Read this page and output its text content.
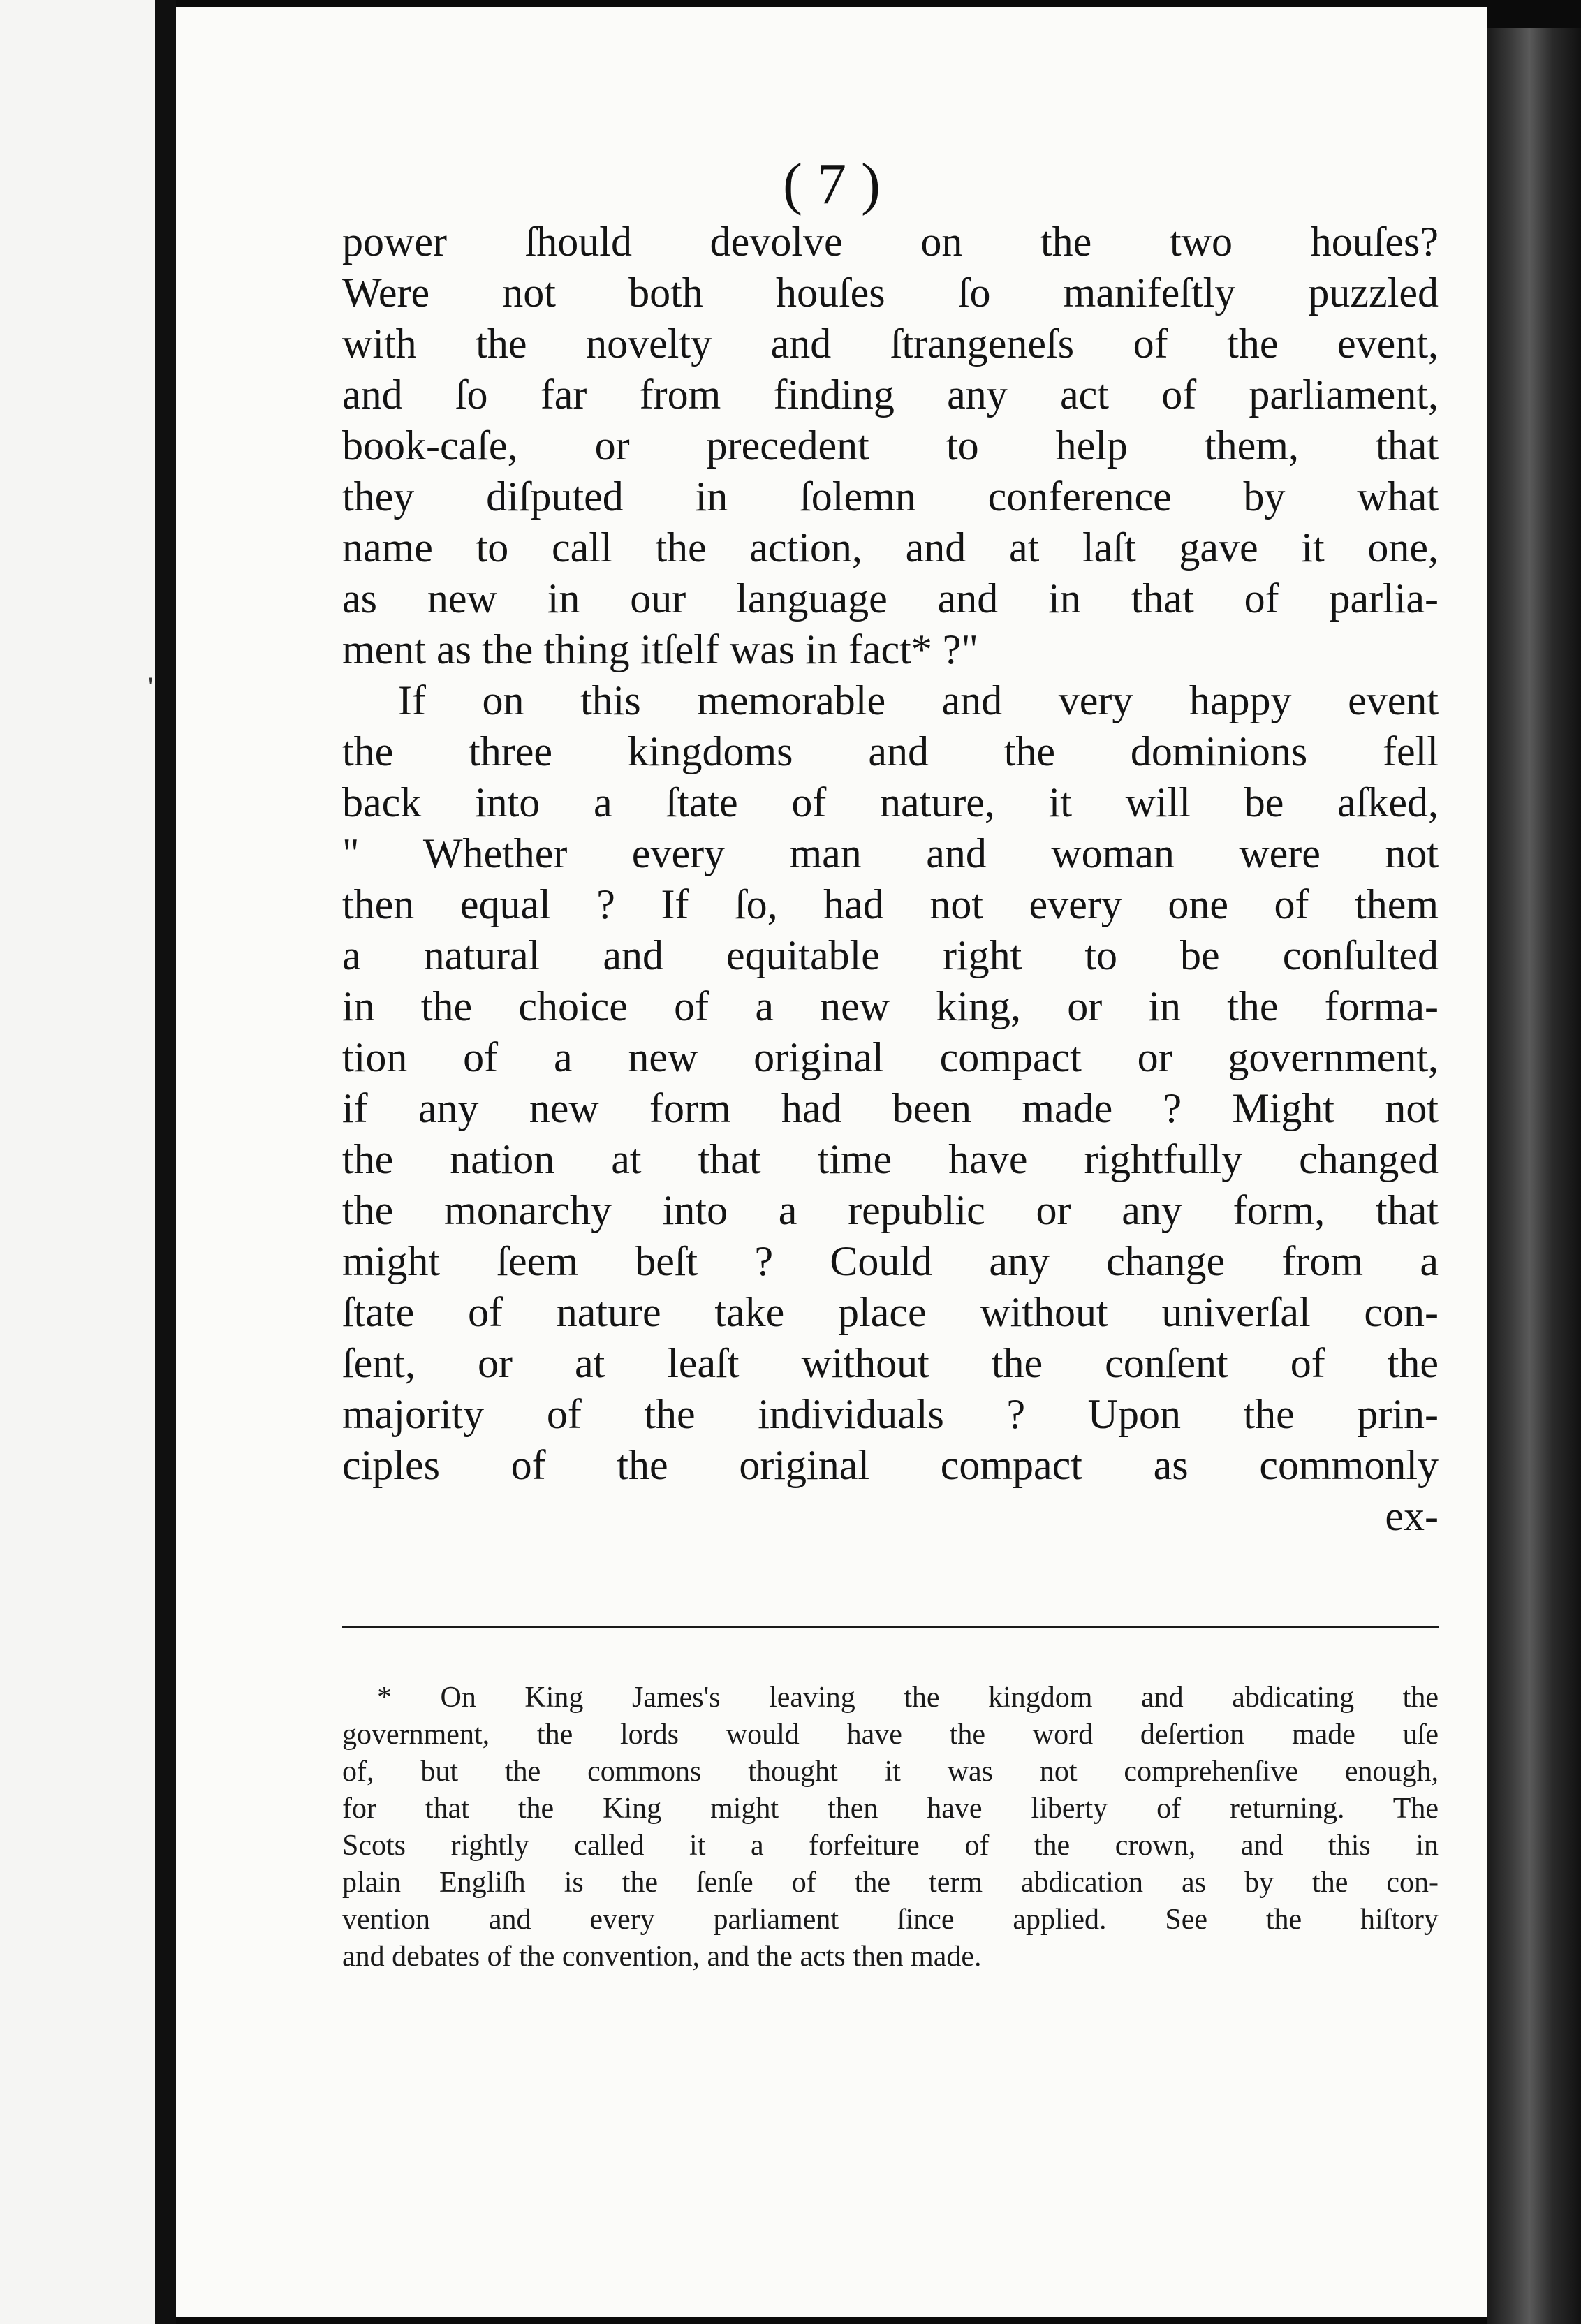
'
( 7 )
power ſhould devolve on the two houſes?
Were not both houſes ſo manifeſtly puzzled
with the novelty and ſtrangeneſs of the event,
and ſo far from finding any act of parliament,
book-caſe, or precedent to help them, that
they diſputed in ſolemn conference by what
name to call the action, and at laſt gave it one,
as new in our language and in that of parlia-
ment as the thing itſelf was in fact* ?"
If on this memorable and very happy event
the three kingdoms and the dominions fell
back into a ſtate of nature, it will be aſked,
" Whether every man and woman were not
then equal ? If ſo, had not every one of them
a natural and equitable right to be conſulted
in the choice of a new king, or in the forma-
tion of a new original compact or government,
if any new form had been made ? Might not
the nation at that time have rightfully changed
the monarchy into a republic or any form, that
might ſeem beſt ? Could any change from a
ſtate of nature take place without univerſal con-
ſent, or at leaſt without the conſent of the
majority of the individuals ? Upon the prin-
ciples of the original compact as commonly
ex-
* On King James's leaving the kingdom and abdicating the
government, the lords would have the word deſertion made uſe
of, but the commons thought it was not comprehenſive enough,
for that the King might then have liberty of returning. The
Scots rightly called it a forfeiture of the crown, and this in
plain Engliſh is the ſenſe of the term abdication as by the con-
vention and every parliament ſince applied. See the hiſtory
and debates of the convention, and the acts then made.
